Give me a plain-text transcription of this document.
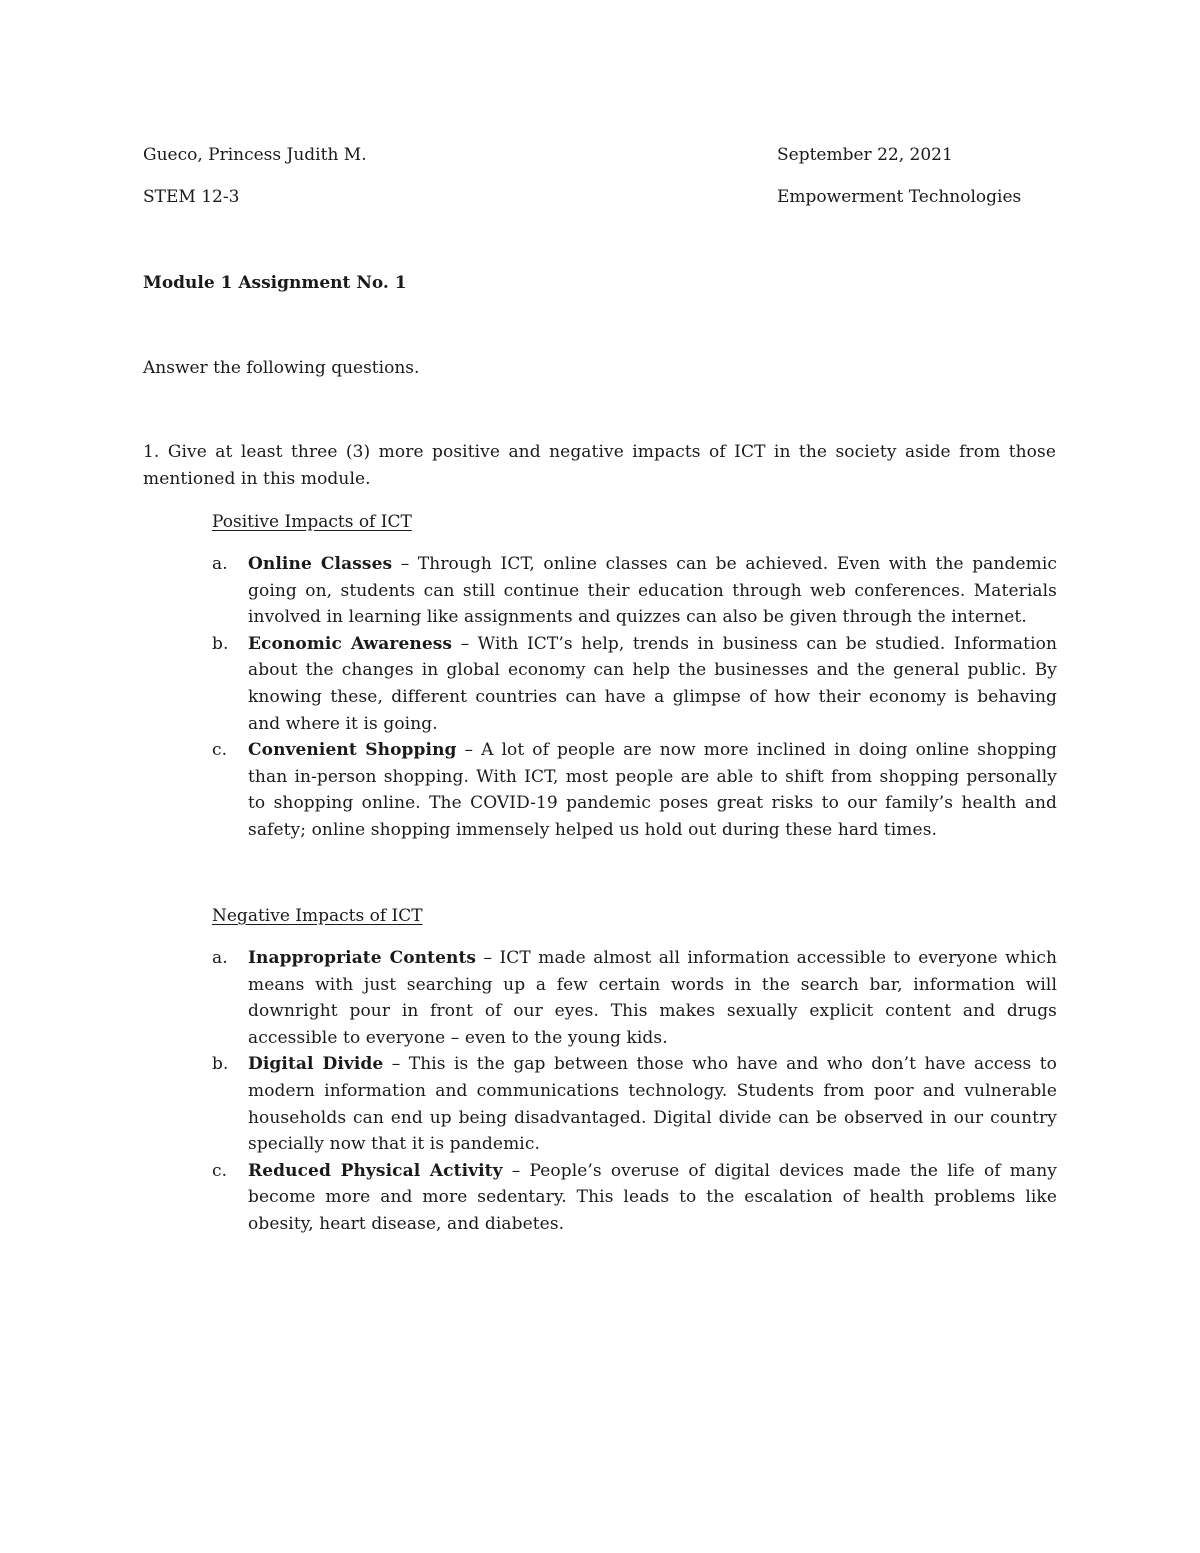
Gueco, Princess Judith M.	September 22, 2021
STEM 12-3	Empowerment Technologies
Module 1 Assignment No. 1
Answer the following questions.
1. Give at least three (3) more positive and negative impacts of ICT in the society aside from those mentioned in this module.
Positive Impacts of ICT
a. Online Classes – Through ICT, online classes can be achieved. Even with the pandemic going on, students can still continue their education through web conferences. Materials involved in learning like assignments and quizzes can also be given through the internet.
b. Economic Awareness – With ICT’s help, trends in business can be studied. Information about the changes in global economy can help the businesses and the general public. By knowing these, different countries can have a glimpse of how their economy is behaving and where it is going.
c. Convenient Shopping – A lot of people are now more inclined in doing online shopping than in-person shopping. With ICT, most people are able to shift from shopping personally to shopping online. The COVID-19 pandemic poses great risks to our family’s health and safety; online shopping immensely helped us hold out during these hard times.
Negative Impacts of ICT
a. Inappropriate Contents – ICT made almost all information accessible to everyone which means with just searching up a few certain words in the search bar, information will downright pour in front of our eyes. This makes sexually explicit content and drugs accessible to everyone – even to the young kids.
b. Digital Divide – This is the gap between those who have and who don’t have access to modern information and communications technology. Students from poor and vulnerable households can end up being disadvantaged. Digital divide can be observed in our country specially now that it is pandemic.
c. Reduced Physical Activity – People’s overuse of digital devices made the life of many become more and more sedentary. This leads to the escalation of health problems like obesity, heart disease, and diabetes.
